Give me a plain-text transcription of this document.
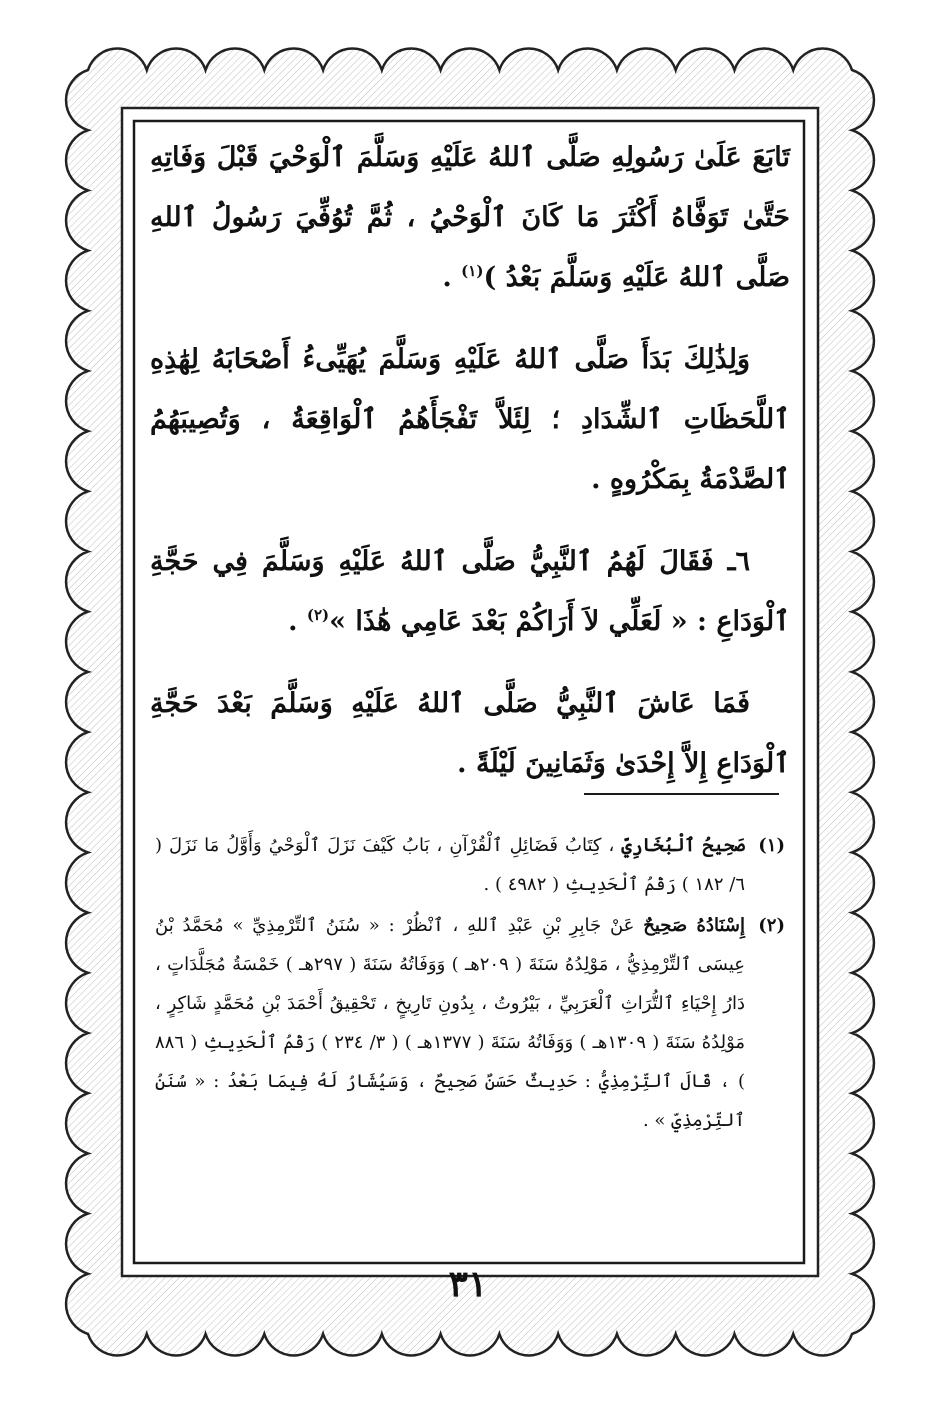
تَابَعَ عَلَىٰ رَسُولِهِ صَلَّى ٱللهُ عَلَيْهِ وَسَلَّمَ ٱلْوَحْيَ قَبْلَ وَفَاتِهِ حَتَّىٰ تَوَفَّاهُ أَكْثَرَ مَا كَانَ ٱلْوَحْيُ ، ثُمَّ تُوُفِّيَ رَسُولُ ٱللهِ صَلَّى ٱللهُ عَلَيْهِ وَسَلَّمَ بَعْدُ )$^{(١)}$ .

وَلِذَٰلِكَ بَدَأَ صَلَّى ٱللهُ عَلَيْهِ وَسَلَّمَ يُهَيِّىءُ أَصْحَابَهُ لِهَٰذِهِ ٱللَّحَظَاتِ ٱلشِّدَادِ ؛ لِئَلاَّ تَفْجَأَهُمُ ٱلْوَاقِعَةُ ، وَتُصِيبَهُمُ ٱلصَّدْمَةُ بِمَكْرُوهٍ .

٦ـ فَقَالَ لَهُمُ ٱلنَّبِيُّ صَلَّى ٱللهُ عَلَيْهِ وَسَلَّمَ فِي حَجَّةِ ٱلْوَدَاعِ : « لَعَلِّي لاَ أَرَاكُمْ بَعْدَ عَامِي هَٰذَا »$^{(٢)}$ .

فَمَا عَاشَ ٱلنَّبِيُّ صَلَّى ٱللهُ عَلَيْهِ وَسَلَّمَ بَعْدَ حَجَّةِ ٱلْوَدَاعِ إِلاَّ إِحْدَىٰ وَثَمَانِينَ لَيْلَةً .

(١)
صَحِيحُ ٱلْبُخَارِيِّ ، كِتَابُ فَضَائِلِ ٱلْقُرْآنِ ، بَابُ كَيْفَ نَزَلَ ٱلْوَحْيُ وَأَوَّلُ مَا نَزَلَ ( ٦/ ١٨٢ ) رَقْمُ ٱلْحَدِيثِ ( ٤٩٨٢ ) .
(٢)
إِسْنَادُهُ صَحِيحٌ عَنْ جَابِرِ بْنِ عَبْدِ ٱللهِ ، ٱنْظُرْ : « سُنَنُ ٱلتِّرْمِذِيِّ » مُحَمَّدُ بْنُ عِيسَى ٱلتِّرْمِذِيُّ ، مَوْلِدُهُ سَنَةَ ( ٢٠٩هـ ) وَوَفَاتُهُ سَنَةَ ( ٢٩٧هـ ) خَمْسَةُ مُجَلَّدَاتٍ ، دَارُ إِحْيَاءِ ٱلتُّرَاثِ ٱلْعَرَبِيِّ ، بَيْرُوتُ ، بِدُونِ تَارِيخٍ ، تَحْقِيقُ أَحْمَدَ بْنِ مُحَمَّدٍ شَاكِرٍ ، مَوْلِدُهُ سَنَةَ ( ١٣٠٩هـ ) وَوَفَاتُهُ سَنَةَ ( ١٣٧٧هـ ) ( ٣/ ٢٣٤ ) رَقْمُ ٱلْحَدِيثِ ( ٨٨٦ ) ، قَالَ ٱلتِّرْمِذِيُّ : حَدِيثٌ حَسَنٌ صَحِيحٌ ، وَسَيُشَارُ لَهُ فِيمَا بَعْدُ : « سُنَنُ ٱلتِّرْمِذِيِّ » .
٣١
